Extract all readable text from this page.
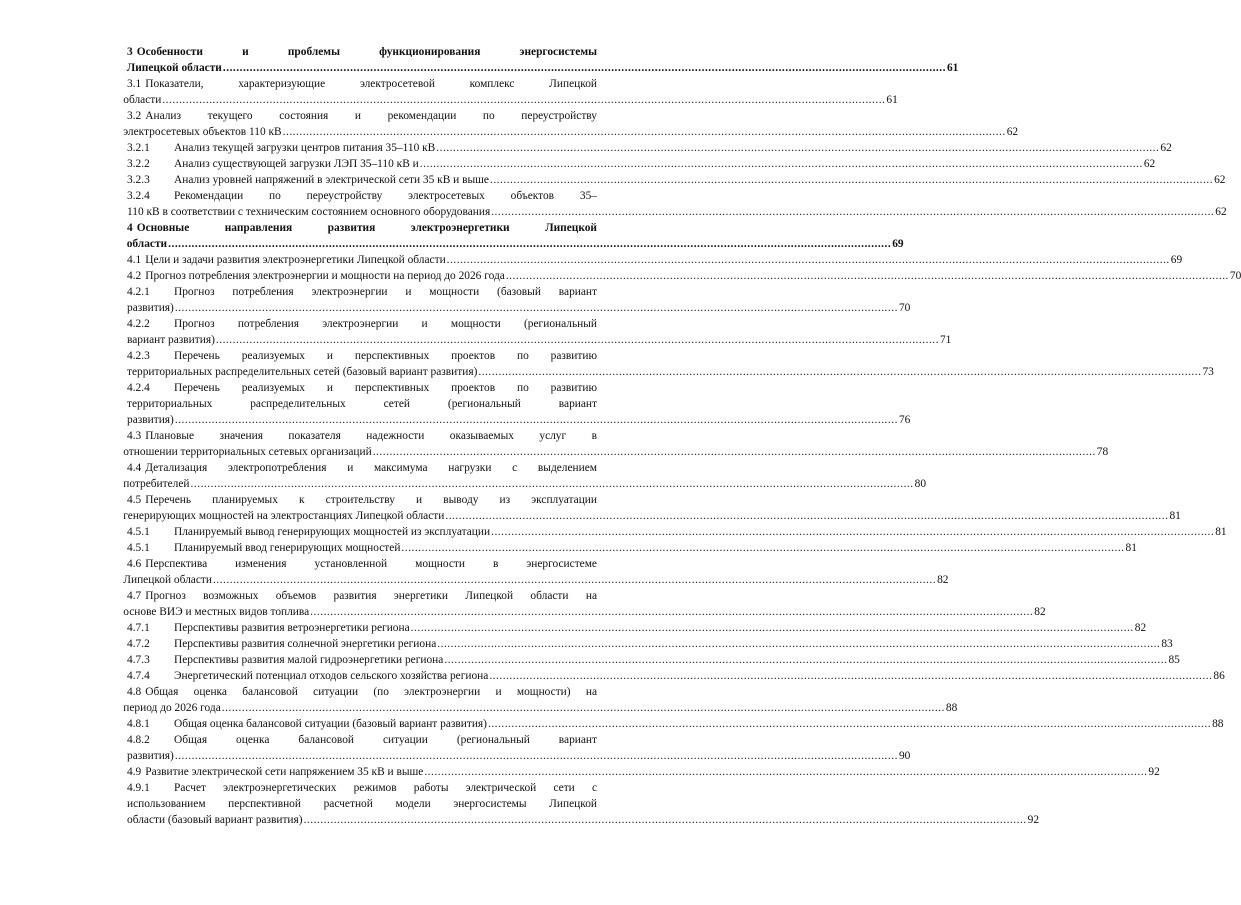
3 Особенности и проблемы функционирования энергосистемы
Липецкой области .....	61
3.1 Показатели, характеризующие электросетевой комплекс Липецкой
области .....	61
3.2 Анализ текущего состояния и рекомендации по переустройству
электросетевых объектов 110 кВ .....	62
3.2.1	Анализ текущей загрузки центров питания 35–110 кВ .....	62
3.2.2	Анализ существующей загрузки ЛЭП 35–110 кВ и .....	62
3.2.3	Анализ уровней напряжений в электрической сети 35 кВ и выше .....	62
3.2.4	Рекомендации по переустройству электросетевых объектов 35–
110 кВ в соответствии с техническим состоянием основного оборудования .....	62
4 Основные направления развития электроэнергетики Липецкой
области .....	69
4.1 Цели и задачи развития электроэнергетики Липецкой области .....	69
4.2 Прогноз потребления электроэнергии и мощности на период до 2026 года .....	70
4.2.1	Прогноз потребления электроэнергии и мощности (базовый вариант
развития) .....	70
4.2.2	Прогноз потребления электроэнергии и мощности (региональный
вариант развития) .....	71
4.2.3	Перечень реализуемых и перспективных проектов по развитию
территориальных распределительных сетей (базовый вариант развития) .....	73
4.2.4	Перечень реализуемых и перспективных проектов по развитию
территориальных распределительных сетей (региональный вариант
развития) .....	76
4.3 Плановые значения показателя надежности оказываемых услуг в
отношении территориальных сетевых организаций .....	78
4.4 Детализация электропотребления и максимума нагрузки с выделением
потребителей .....	80
4.5 Перечень планируемых к строительству и выводу из эксплуатации
генерирующих мощностей на электростанциях Липецкой области .....	81
4.5.1	Планируемый вывод генерирующих мощностей из эксплуатации .....	81
4.5.1	Планируемый ввод генерирующих мощностей .....	81
4.6 Перспектива изменения установленной мощности в энергосистеме
Липецкой области .....	82
4.7 Прогноз возможных объемов развития энергетики Липецкой области на
основе ВИЭ и местных видов топлива .....	82
4.7.1	Перспективы развития ветроэнергетики региона .....	82
4.7.2	Перспективы развития солнечной энергетики региона .....	83
4.7.3	Перспективы развития малой гидроэнергетики региона .....	85
4.7.4	Энергетический потенциал отходов сельского хозяйства региона .....	86
4.8 Общая оценка балансовой ситуации (по электроэнергии и мощности) на
период до 2026 года .....	88
4.8.1	Общая оценка балансовой ситуации (базовый вариант развития) .....	88
4.8.2	Общая оценка балансовой ситуации (региональный вариант
развития) .....	90
4.9 Развитие электрической сети напряжением 35 кВ и выше .....	92
4.9.1	Расчет электроэнергетических режимов работы электрической сети с
использованием перспективной расчетной модели энергосистемы Липецкой
области (базовый вариант развития) .....	92
